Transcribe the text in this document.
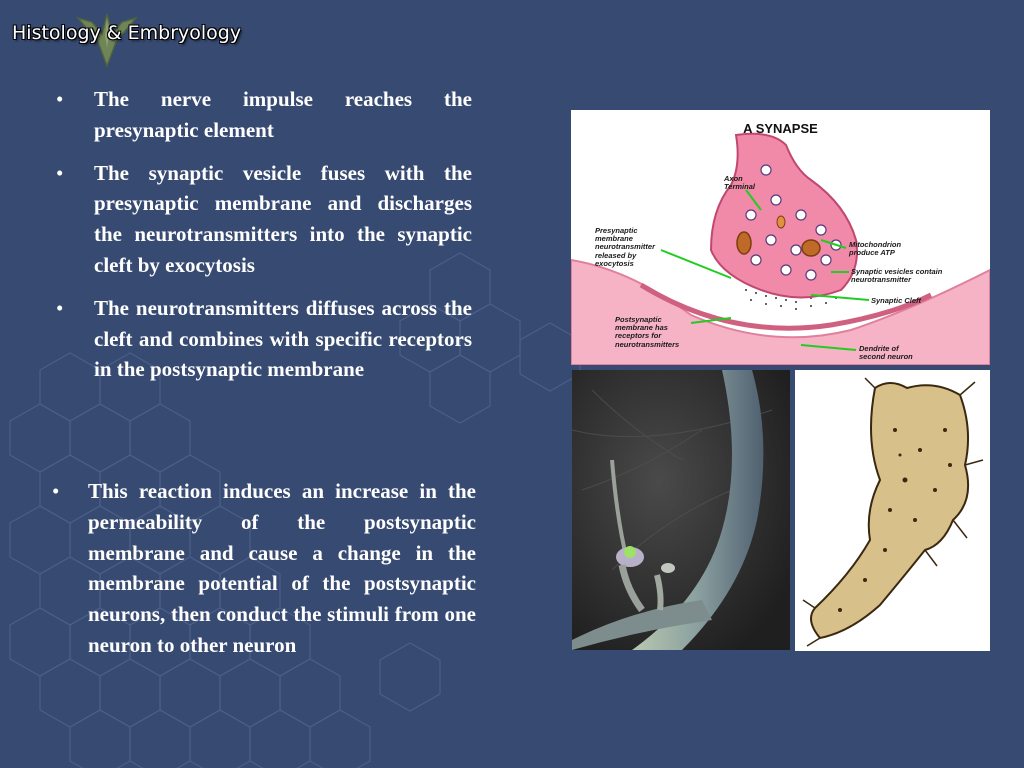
Histology & Embryology
• The nerve impulse reaches the presynaptic element
• The synaptic vesicle fuses with the presynaptic membrane and discharges the neurotransmitters into the synaptic cleft by exocytosis
• The neurotransmitters diffuses across the cleft and combines with specific receptors in the postsynaptic membrane
• This reaction induces an increase in the permeability of the postsynaptic membrane and cause a change in the membrane potential of the postsynaptic neurons, then conduct the stimuli from one neuron to other neuron
A SYNAPSE
Axon Terminal
Presynaptic membrane neurotransmitter released by exocytosis
Mitochondrion produce ATP
Synaptic vesicles contain neurotransmitter
Synaptic Cleft
Postsynaptic membrane has receptors for neurotransmitters	Dendrite of second neuron
